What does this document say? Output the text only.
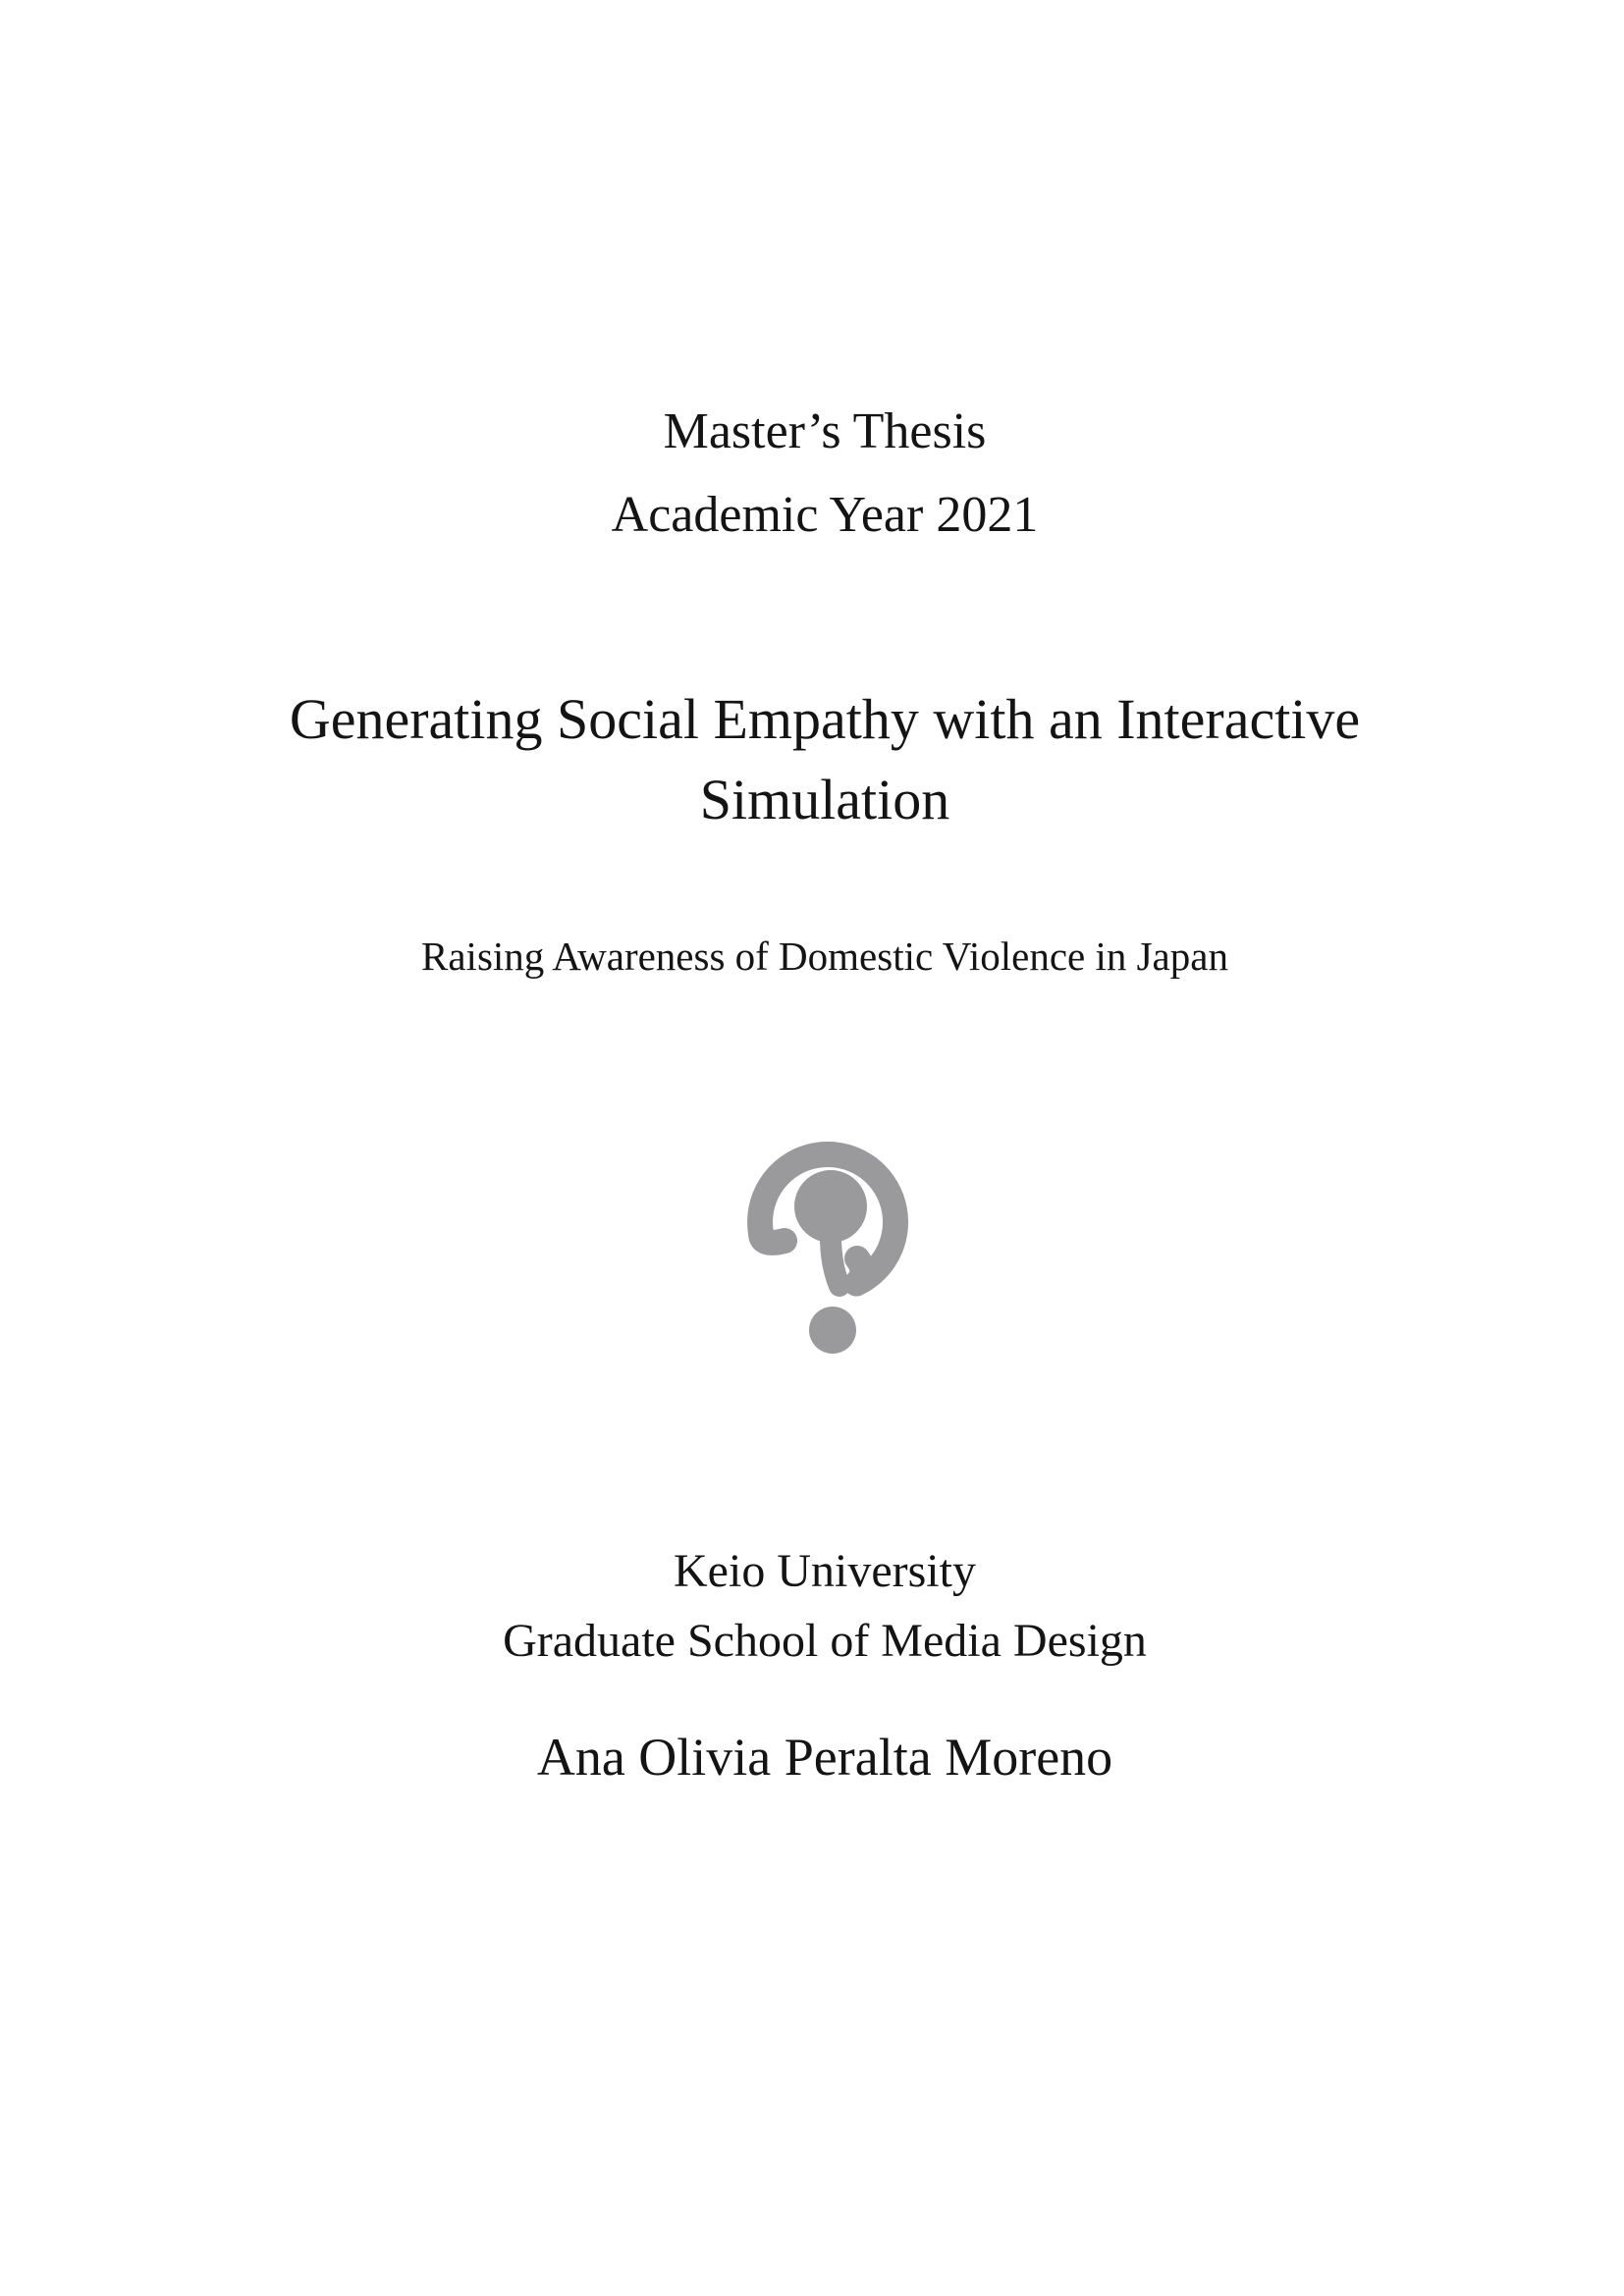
Master’s Thesis
Academic Year 2021
Generating Social Empathy with an Interactive
Simulation
Raising Awareness of Domestic Violence in Japan
Keio University
Graduate School of Media Design
Ana Olivia Peralta Moreno
